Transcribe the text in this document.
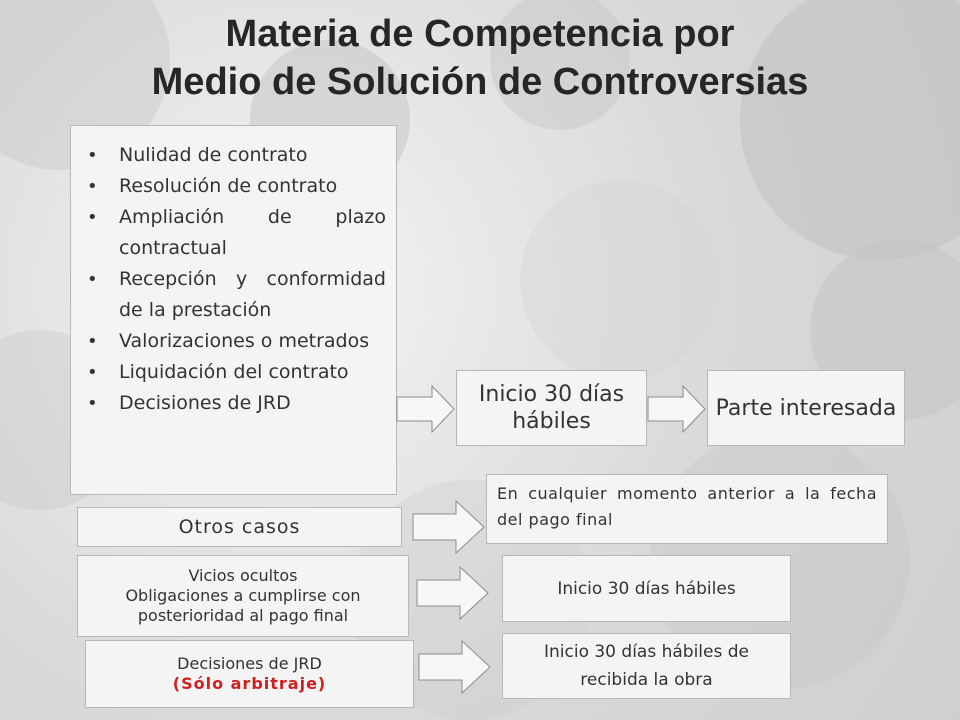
Materia de Competencia por
Medio de Solución de Controversias
• Nulidad de contrato
• Resolución de contrato
• Ampliación de plazo contractual
• Recepción y conformidad de la prestación
• Valorizaciones o metrados
• Liquidación del contrato
• Decisiones de JRD	Inicio 30 días hábiles
Parte interesada
Otros casos
En cualquier momento anterior a la fecha del pago final
Vicios ocultos
Obligaciones a cumplirse con
posterioridad al pago final
Inicio 30 días hábiles
Decisiones de JRD
(Sólo arbitraje)
Inicio 30 días hábiles de
recibida la obra
